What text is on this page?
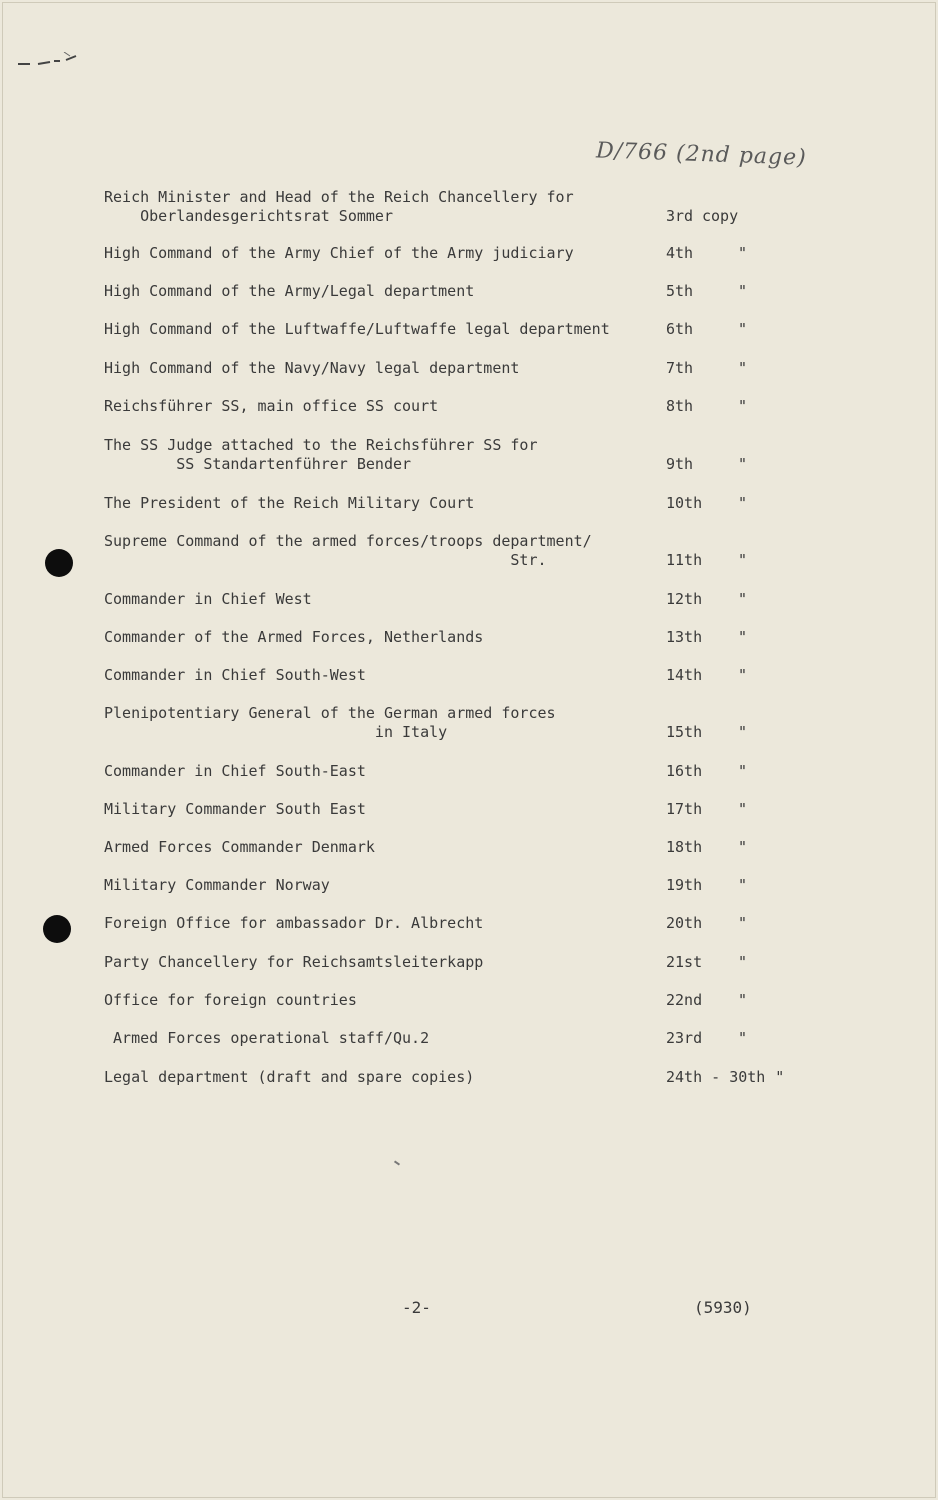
D/766 (2nd page)
Reich Minister and Head of the Reich Chancellery for
Oberlandesgerichtsrat Sommer	3rd copy
High Command of the Army Chief of the Army judiciary	4th	"
High Command of the Army/Legal department	5th	"
High Command of the Luftwaffe/Luftwaffe legal department	6th	"
High Command of the Navy/Navy legal department	7th	"
Reichsführer SS, main office SS court	8th	"
The SS Judge attached to the Reichsführer SS for
SS Standartenführer Bender	9th	"
The President of the Reich Military Court	10th "
Supreme Command of the armed forces/troops department/
Str.	11th "
Commander in Chief West	12th "
Commander of the Armed Forces, Netherlands	13th "
Commander in Chief South-West	14th "
Plenipotentiary General of the German armed forces
in Italy	15th "
Commander in Chief South-East	16th "
Military Commander South East	17th "
Armed Forces Commander Denmark	18th "
Military Commander Norway	19th "
Foreign Office for ambassador Dr. Albrecht	20th "
Party Chancellery for Reichsamtsleiterkapp	21st "
Office for foreign countries	22nd "
Armed Forces operational staff/Qu.2	23rd "
Legal department (draft and spare copies)	24th - 30th "
-2-	(5930)
